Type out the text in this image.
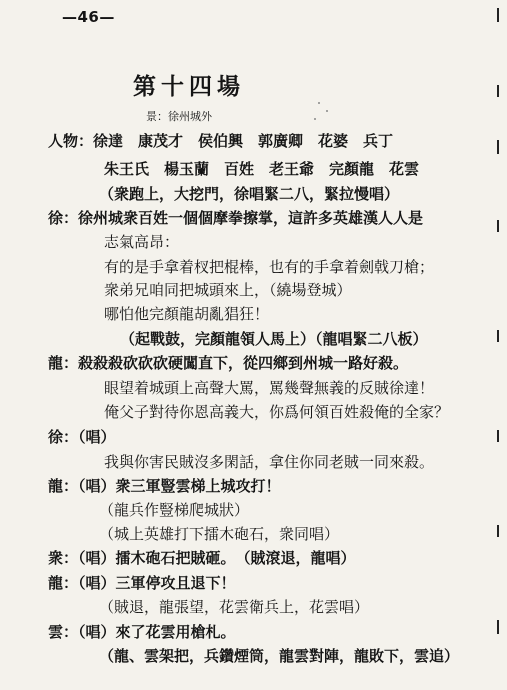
—46—
第十四場
景：徐州城外
人物：徐達　康茂才　侯伯興　郭廣卿　花婆　兵丁
朱王氏　楊玉蘭　百姓　老王爺　完顏龍　花雲
（衆跑上，大挖門，徐唱緊二八，緊拉慢唱）
徐：徐州城衆百姓一個個摩拳擦掌，這許多英雄漢人人是
志氣高昂：
有的是手拿着杈把棍棒，也有的手拿着劍戟刀槍；
衆弟兄咱同把城頭來上，（繞場登城）
哪怕他完顏龍胡亂猖狂！
（起戰鼓，完顏龍領人馬上）（龍唱緊二八板）
龍：殺殺殺砍砍砍硬闖直下，從四鄉到州城一路好殺。
眼望着城頭上高聲大罵，罵幾聲無義的反賊徐達！
俺父子對待你恩高義大，你爲何領百姓殺俺的全家？
徐：（唱）
我與你害民賊沒多閑話，拿住你同老賊一同來殺。
龍：（唱）衆三軍豎雲梯上城攻打！
（龍兵作豎梯爬城狀）
（城上英雄打下擂木砲石，衆同唱）
衆：（唱）擂木砲石把賊砸。　（賊滾退，龍唱）
龍：（唱）三軍停攻且退下！
（賊退，龍張望，花雲衛兵上，花雲唱）
雲：（唱）來了花雲用槍札。
（龍、雲架把，兵鑽煙筒，龍雲對陣，龍敗下，雲追）
